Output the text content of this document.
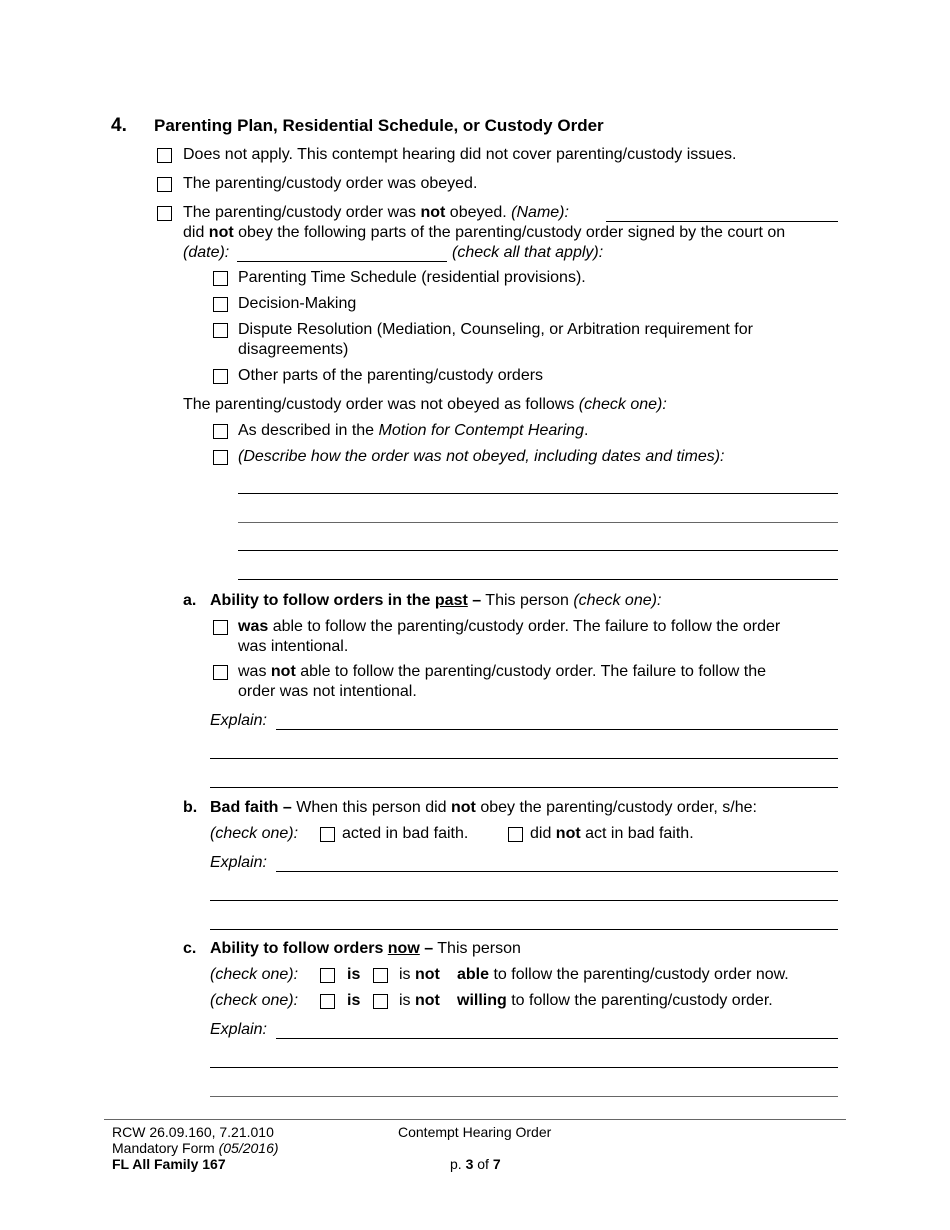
4. Parenting Plan, Residential Schedule, or Custody Order
Does not apply. This contempt hearing did not cover parenting/custody issues.
The parenting/custody order was obeyed.
The parenting/custody order was not obeyed. (Name):
did not obey the following parts of the parenting/custody order signed by the court on
(date):	(check all that apply):
Parenting Time Schedule (residential provisions).
Decision-Making
Dispute Resolution (Mediation, Counseling, or Arbitration requirement for
disagreements)
Other parts of the parenting/custody orders
The parenting/custody order was not obeyed as follows (check one):
As described in the Motion for Contempt Hearing.
(Describe how the order was not obeyed, including dates and times):
a. Ability to follow orders in the past – This person (check one):
was able to follow the parenting/custody order. The failure to follow the order
was intentional.
was not able to follow the parenting/custody order. The failure to follow the
order was not intentional.
Explain:
b. Bad faith – When this person did not obey the parenting/custody order, s/he:
(check one):	acted in bad faith.	did not act in bad faith.
Explain:
c. Ability to follow orders now – This person
(check one):	is is not able to follow the parenting/custody order now.
(check one):	is is not willing to follow the parenting/custody order.
Explain:
RCW 26.09.160, 7.21.010
Mandatory Form (05/2016)
FL All Family 167
Contempt Hearing Order
p. 3 of 7
